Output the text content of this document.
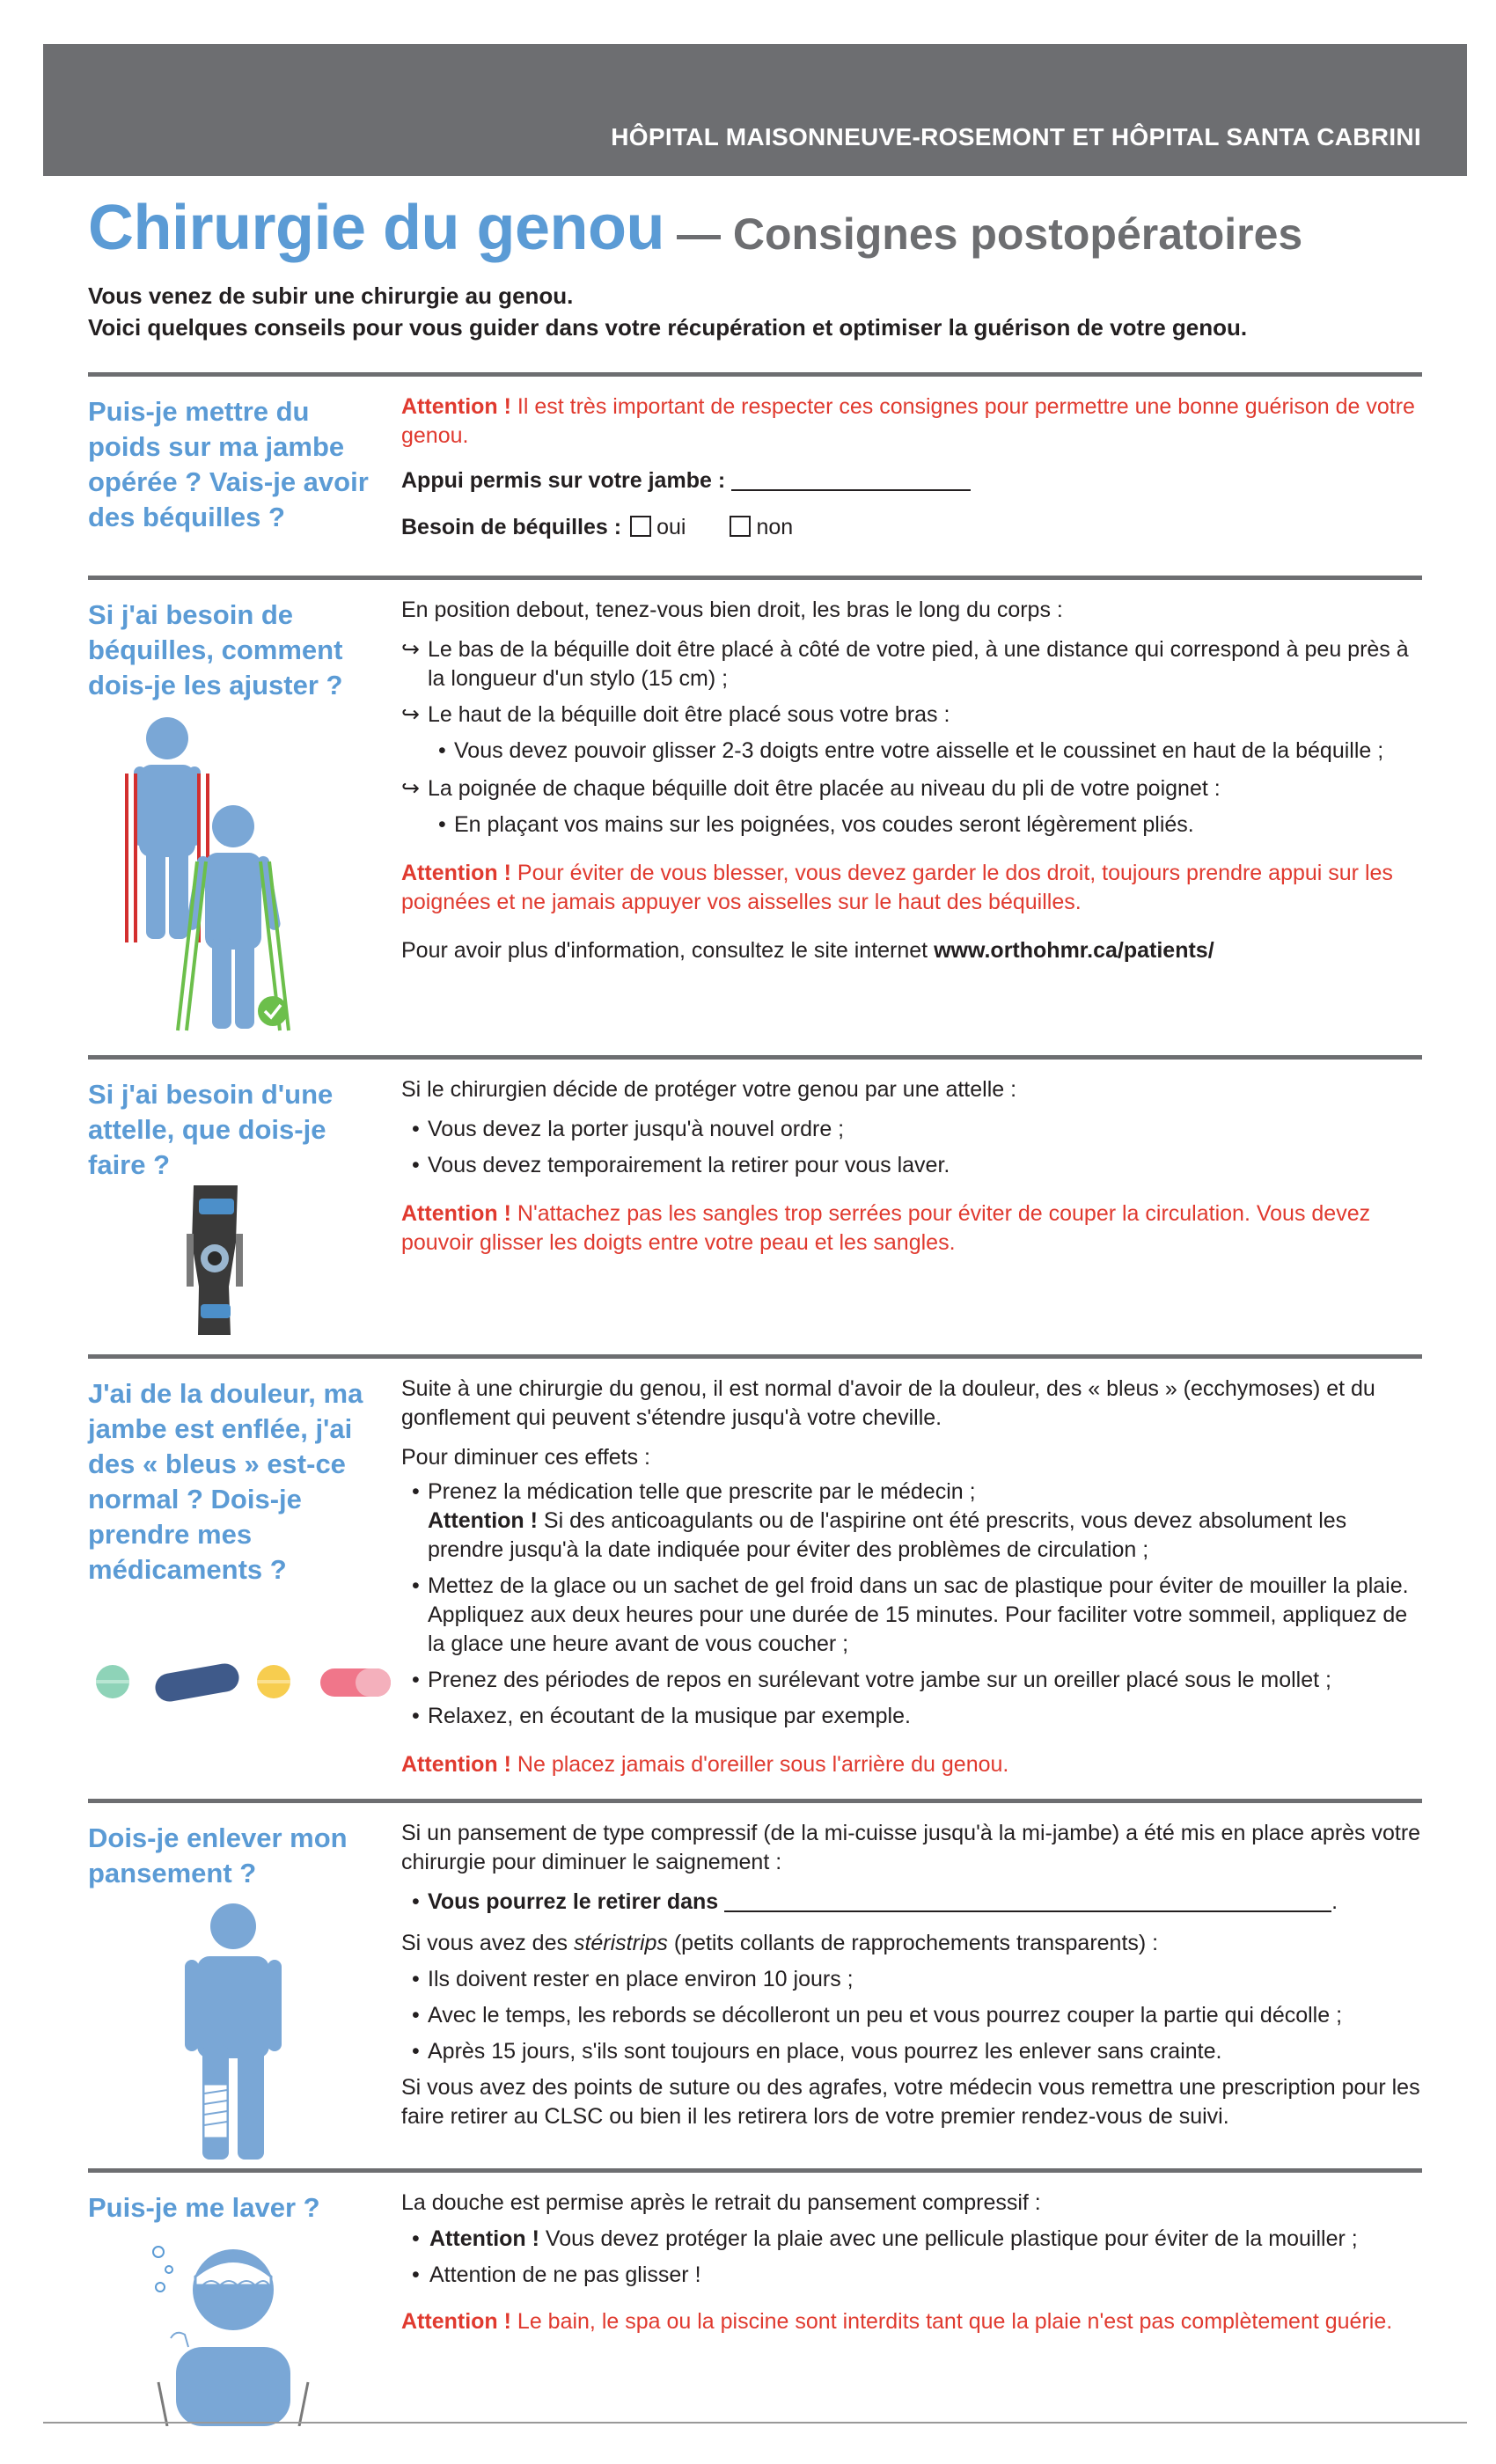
HÔPITAL MAISONNEUVE-ROSEMONT ET HÔPITAL SANTA CABRINI
Chirurgie du genou — Consignes postopératoires
Vous venez de subir une chirurgie au genou.
Voici quelques conseils pour vous guider dans votre récupération et optimiser la guérison de votre genou.
Puis-je mettre du poids sur ma jambe opérée ? Vais-je avoir des béquilles ?

Attention ! Il est très important de respecter ces consignes pour permettre une bonne guérison de votre genou.

Appui permis sur votre jambe :

Besoin de béquilles : oui	non

Si j'ai besoin de béquilles, comment dois-je les ajuster ?

En position debout, tenez-vous bien droit, les bras le long du corps :

↪ Le bas de la béquille doit être placé à côté de votre pied, à une distance qui correspond à peu près à la longueur d'un stylo (15 cm) ;
↪ Le haut de la béquille doit être placé sous votre bras :
• Vous devez pouvoir glisser 2-3 doigts entre votre aisselle et le coussinet en haut de la béquille ;
↪ La poignée de chaque béquille doit être placée au niveau du pli de votre poignet :
• En plaçant vos mains sur les poignées, vos coudes seront légèrement pliés.

Attention ! Pour éviter de vous blesser, vous devez garder le dos droit, toujours prendre appui sur les poignées et ne jamais appuyer vos aisselles sur le haut des béquilles.

Pour avoir plus d'information, consultez le site internet www.orthohmr.ca/patients/

Si j'ai besoin d'une attelle, que dois-je faire ?

Si le chirurgien décide de protéger votre genou par une attelle :

• Vous devez la porter jusqu'à nouvel ordre ;
• Vous devez temporairement la retirer pour vous laver.

Attention ! N'attachez pas les sangles trop serrées pour éviter de couper la circulation. Vous devez pouvoir glisser les doigts entre votre peau et les sangles.

J'ai de la douleur, ma jambe est enflée, j'ai des « bleus » est-ce normal ? Dois-je prendre mes médicaments ?

Suite à une chirurgie du genou, il est normal d'avoir de la douleur, des « bleus » (ecchymoses) et du gonflement qui peuvent s'étendre jusqu'à votre cheville.

Pour diminuer ces effets :

• Prenez la médication telle que prescrite par le médecin ;
Attention ! Si des anticoagulants ou de l'aspirine ont été prescrits, vous devez absolument les prendre jusqu'à la date indiquée pour éviter des problèmes de circulation ;
• Mettez de la glace ou un sachet de gel froid dans un sac de plastique pour éviter de mouiller la plaie. Appliquez aux deux heures pour une durée de 15 minutes. Pour faciliter votre sommeil, appliquez de la glace une heure avant de vous coucher ;
• Prenez des périodes de repos en surélevant votre jambe sur un oreiller placé sous le mollet ;
• Relaxez, en écoutant de la musique par exemple.

Attention ! Ne placez jamais d'oreiller sous l'arrière du genou.

Dois-je enlever mon pansement ?

Si un pansement de type compressif (de la mi-cuisse jusqu'à la mi-jambe) a été mis en place après votre chirurgie pour diminuer le saignement :

• Vous pourrez le retirer dans	.

Si vous avez des stéristrips (petits collants de rapprochements transparents) :

• Ils doivent rester en place environ 10 jours ;
• Avec le temps, les rebords se décolleront un peu et vous pourrez couper la partie qui décolle ;
• Après 15 jours, s'ils sont toujours en place, vous pourrez les enlever sans crainte.

Si vous avez des points de suture ou des agrafes, votre médecin vous remettra une prescription pour les faire retirer au CLSC ou bien il les retirera lors de votre premier rendez-vous de suivi.

Puis-je me laver ?	La douche est permise après le retrait du pansement compressif :

• Attention ! Vous devez protéger la plaie avec une pellicule plastique pour éviter de la mouiller ;
• Attention de ne pas glisser !

Attention ! Le bain, le spa ou la piscine sont interdits tant que la plaie n'est pas complètement guérie.
